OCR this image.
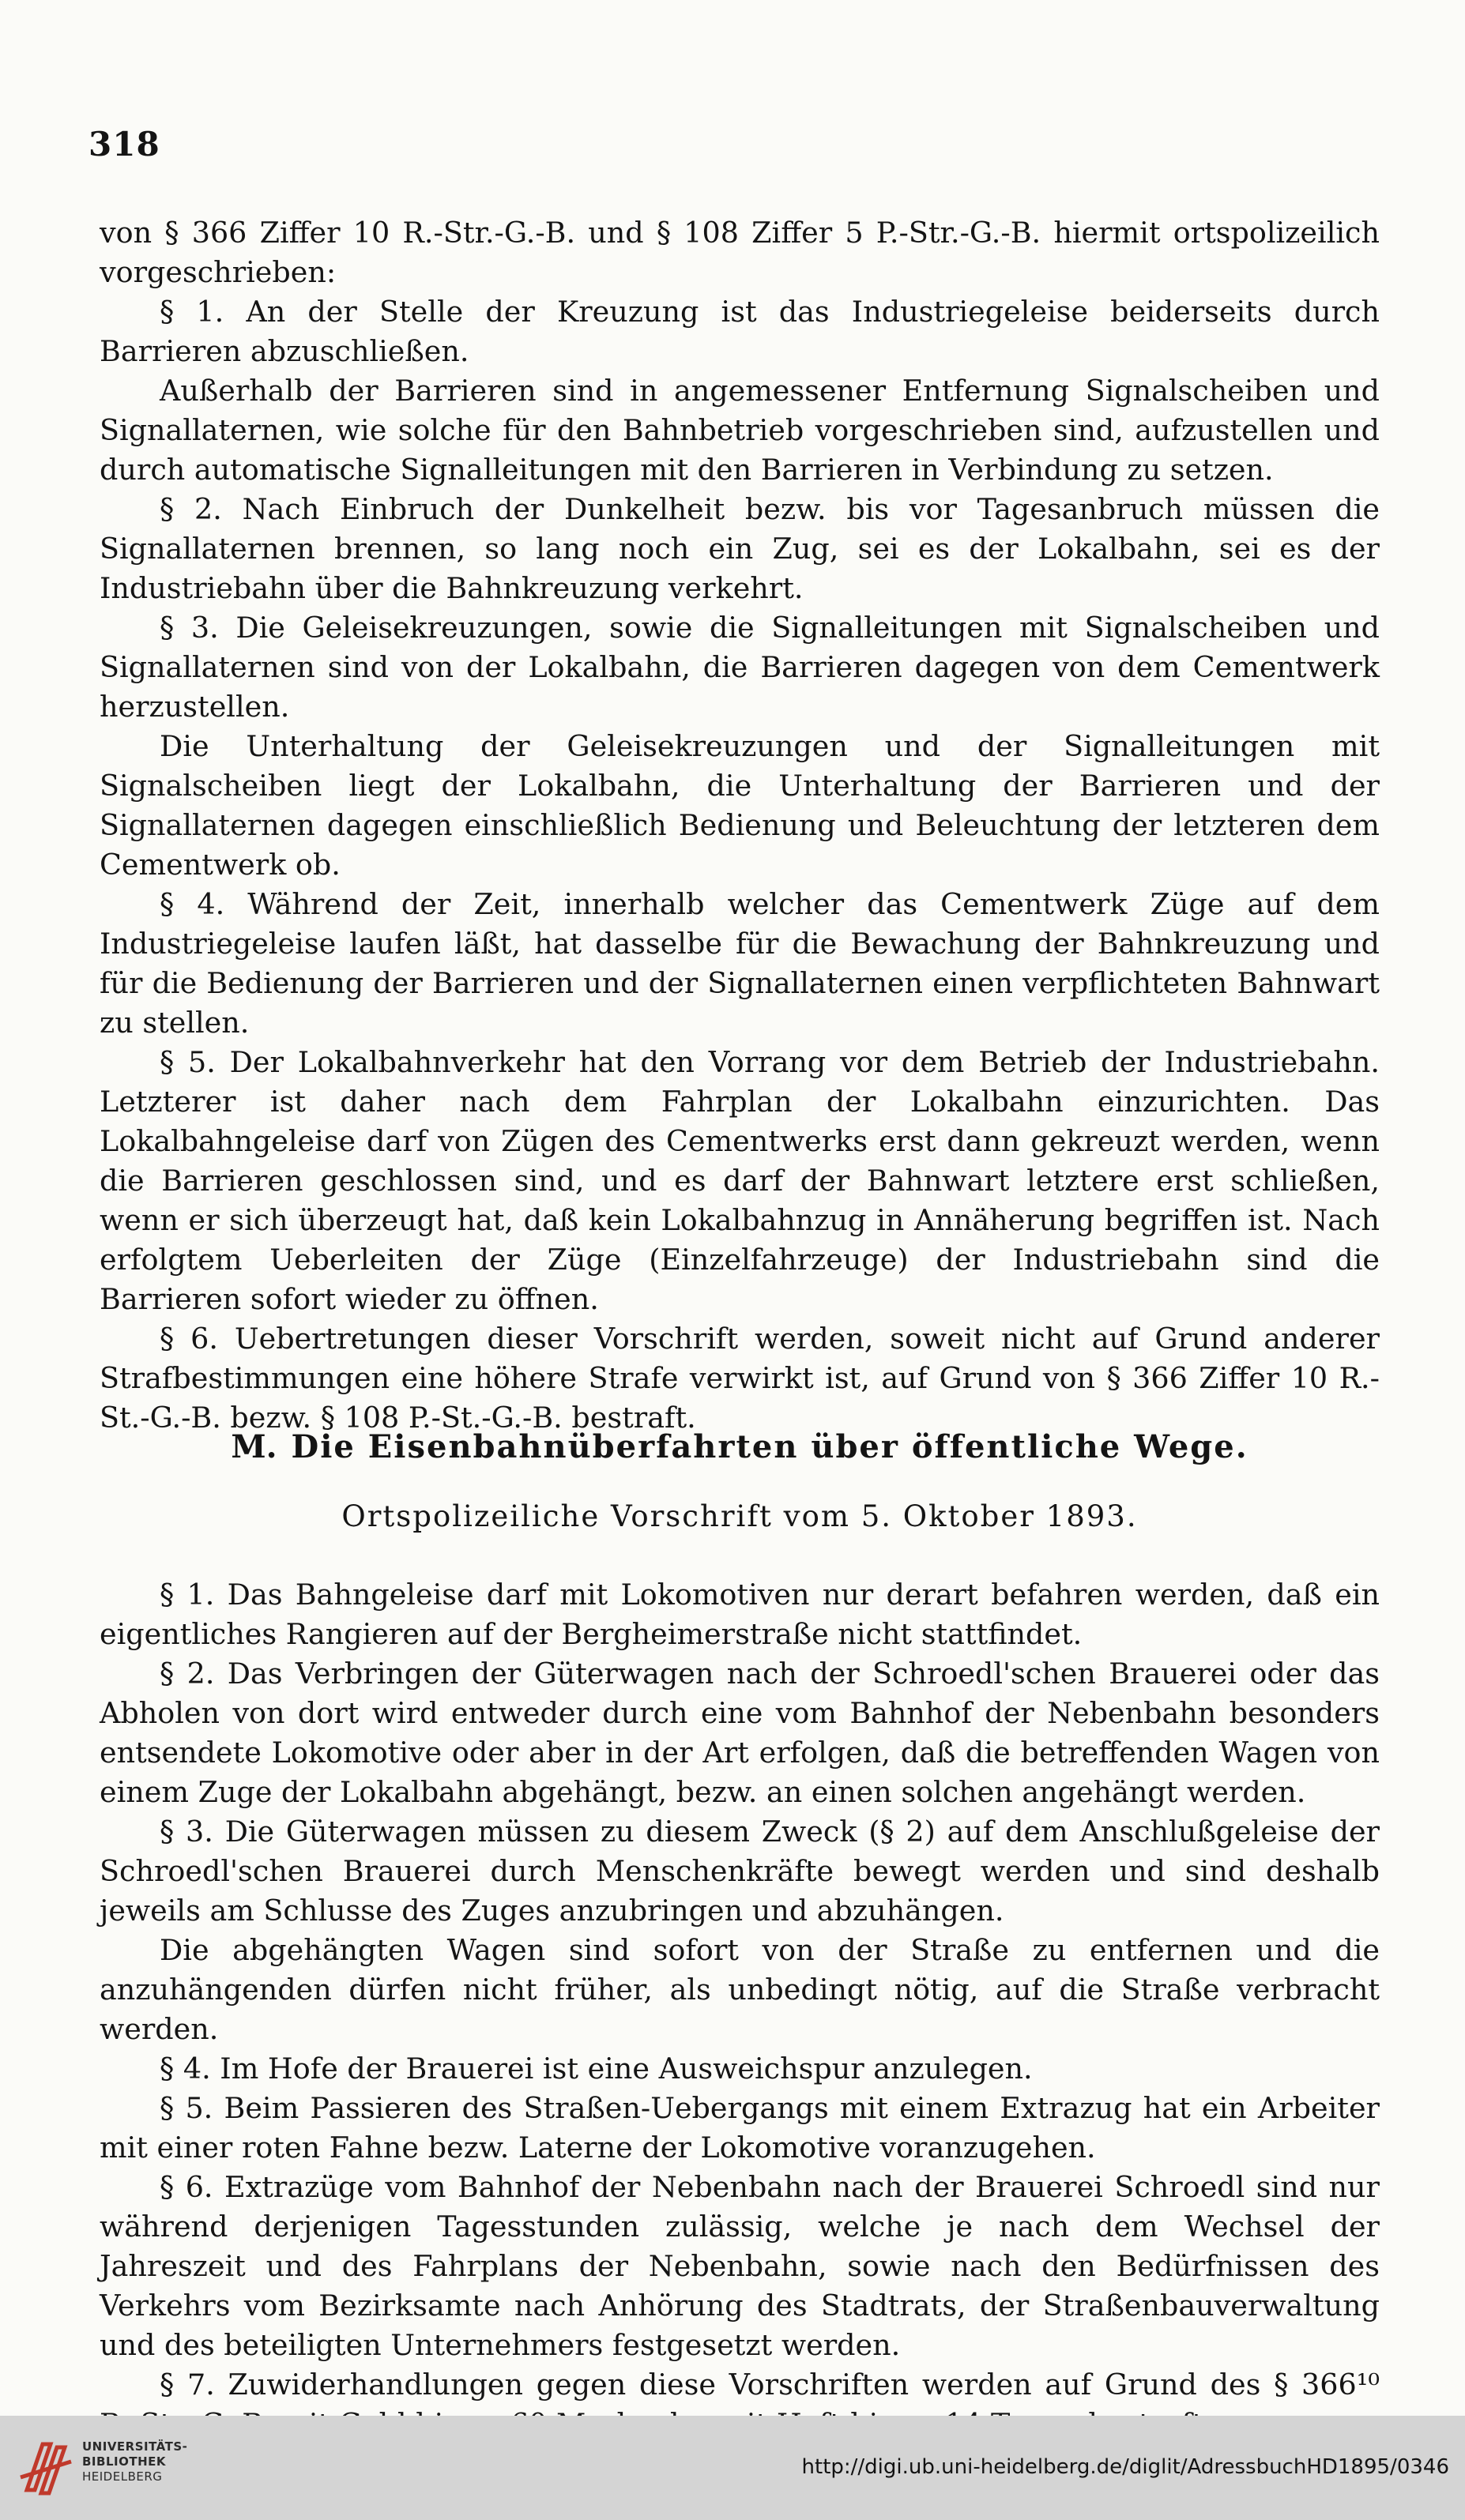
318

von § 366 Ziffer 10 R.-Str.-G.-B. und § 108 Ziffer 5 P.-Str.-G.-B. hiermit ortspolizeilich vorgeschrieben:

§ 1. An der Stelle der Kreuzung ist das Industriegeleise beiderseits durch Barrieren abzuschließen.

Außerhalb der Barrieren sind in angemessener Entfernung Signalscheiben und Signallaternen, wie solche für den Bahnbetrieb vorgeschrieben sind, aufzustellen und durch automatische Signalleitungen mit den Barrieren in Verbindung zu setzen.

§ 2. Nach Einbruch der Dunkelheit bezw. bis vor Tagesanbruch müssen die Signallaternen brennen, so lang noch ein Zug, sei es der Lokalbahn, sei es der Industriebahn über die Bahnkreuzung verkehrt.

§ 3. Die Geleisekreuzungen, sowie die Signalleitungen mit Signalscheiben und Signallaternen sind von der Lokalbahn, die Barrieren dagegen von dem Cementwerk herzustellen.

Die Unterhaltung der Geleisekreuzungen und der Signalleitungen mit Signalscheiben liegt der Lokalbahn, die Unterhaltung der Barrieren und der Signallaternen dagegen einschließlich Bedienung und Beleuchtung der letzteren dem Cementwerk ob.

§ 4. Während der Zeit, innerhalb welcher das Cementwerk Züge auf dem Industriegeleise laufen läßt, hat dasselbe für die Bewachung der Bahnkreuzung und für die Bedienung der Barrieren und der Signallaternen einen verpflichteten Bahnwart zu stellen.

§ 5. Der Lokalbahnverkehr hat den Vorrang vor dem Betrieb der Industriebahn. Letzterer ist daher nach dem Fahrplan der Lokalbahn einzurichten. Das Lokalbahngeleise darf von Zügen des Cementwerks erst dann gekreuzt werden, wenn die Barrieren geschlossen sind, und es darf der Bahnwart letztere erst schließen, wenn er sich überzeugt hat, daß kein Lokalbahnzug in Annäherung begriffen ist. Nach erfolgtem Ueberleiten der Züge (Einzelfahrzeuge) der Industriebahn sind die Barrieren sofort wieder zu öffnen.

§ 6. Uebertretungen dieser Vorschrift werden, soweit nicht auf Grund anderer Strafbestimmungen eine höhere Strafe verwirkt ist, auf Grund von § 366 Ziffer 10 R.-St.-G.-B. bezw. § 108 P.-St.-G.-B. bestraft.

M. Die Eisenbahnüberfahrten über öffentliche Wege.
Ortspolizeiliche Vorschrift vom 5. Oktober 1893.

§ 1. Das Bahngeleise darf mit Lokomotiven nur derart befahren werden, daß ein eigentliches Rangieren auf der Bergheimerstraße nicht stattfindet.

§ 2. Das Verbringen der Güterwagen nach der Schroedl'schen Brauerei oder das Abholen von dort wird entweder durch eine vom Bahnhof der Nebenbahn besonders entsendete Lokomotive oder aber in der Art erfolgen, daß die betreffenden Wagen von einem Zuge der Lokalbahn abgehängt, bezw. an einen solchen angehängt werden.

§ 3. Die Güterwagen müssen zu diesem Zweck (§ 2) auf dem Anschlußgeleise der Schroedl'schen Brauerei durch Menschenkräfte bewegt werden und sind deshalb jeweils am Schlusse des Zuges anzubringen und abzuhängen.

Die abgehängten Wagen sind sofort von der Straße zu entfernen und die anzuhängenden dürfen nicht früher, als unbedingt nötig, auf die Straße verbracht werden.

§ 4. Im Hofe der Brauerei ist eine Ausweichspur anzulegen.

§ 5. Beim Passieren des Straßen-Uebergangs mit einem Extrazug hat ein Arbeiter mit einer roten Fahne bezw. Laterne der Lokomotive voranzugehen.

§ 6. Extrazüge vom Bahnhof der Nebenbahn nach der Brauerei Schroedl sind nur während derjenigen Tagesstunden zulässig, welche je nach dem Wechsel der Jahreszeit und des Fahrplans der Nebenbahn, sowie nach den Bedürfnissen des Verkehrs vom Bezirksamte nach Anhörung des Stadtrats, der Straßenbauverwaltung und des beteiligten Unternehmers festgesetzt werden.

§ 7. Zuwiderhandlungen gegen diese Vorschriften werden auf Grund des § 366¹⁰

UNIVERSITÄTS-
BIBLIOTHEK
HEIDELBERG	http://digi.ub.uni-heidelberg.de/diglit/AdressbuchHD1895/0346
